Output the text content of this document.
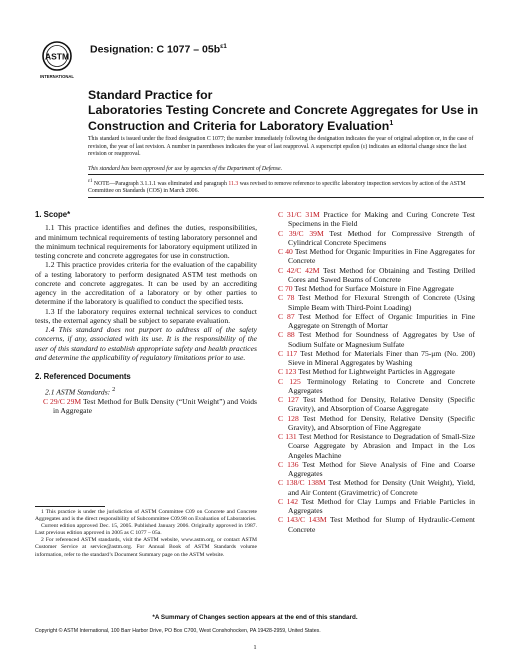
ASTM
INTERNATIONAL
Designation: C $1077 - 05b^{\varepsilon 1}$
Standard Practice for
Laboratories Testing Concrete and Concrete Aggregates for Use in Construction and Criteria for Laboratory Evaluation$^1$
This standard is issued under the fixed designation C 1077; the number immediately following the designation indicates the year of original adoption or, in the case of revision, the year of last revision. A number in parentheses indicates the year of last reapproval. A superscript epsilon (ε) indicates an editorial change since the last revision or reapproval.
This standard has been approved for use by agencies of the Department of Defense.
$^{\varepsilon 1}$ NOTE—Paragraph 3.1.1.1 was eliminated and paragraph 11.3 was revised to remove reference to specific laboratory inspection services by action of the ASTM Committee on Standards (COS) in March 2006.
1. Scope*

1.1 This practice identifies and defines the duties, responsibilities, and minimum technical requirements of testing laboratory personnel and the minimum technical requirements for laboratory equipment utilized in testing concrete and concrete aggregates for use in construction.

1.2 This practice provides criteria for the evaluation of the capability of a testing laboratory to perform designated ASTM test methods on concrete and concrete aggregates. It can be used by an accrediting agency in the accreditation of a laboratory or by other parties to determine if the laboratory is qualified to conduct the specified tests.

1.3 If the laboratory requires external technical services to conduct tests, the external agency shall be subject to separate evaluation.

1.4 This standard does not purport to address all of the safety concerns, if any, associated with its use. It is the responsibility of the user of this standard to establish appropriate safety and health practices and determine the applicability of regulatory limitations prior to use.

2. Referenced Documents

2.1 ASTM Standards: $^2$

C 29/C 29M Test Method for Bulk Density (“Unit Weight”) and Voids in Aggregate
C 31/C 31M Practice for Making and Curing Concrete Test Specimens in the Field
C 39/C 39M Test Method for Compressive Strength of Cylindrical Concrete Specimens
C 40 Test Method for Organic Impurities in Fine Aggregates for Concrete
C 42/C 42M Test Method for Obtaining and Testing Drilled Cores and Sawed Beams of Concrete
C 70 Test Method for Surface Moisture in Fine Aggregate
C 78 Test Method for Flexural Strength of Concrete (Using Simple Beam with Third-Point Loading)
C 87 Test Method for Effect of Organic Impurities in Fine Aggregate on Strength of Mortar
C 88 Test Method for Soundness of Aggregates by Use of Sodium Sulfate or Magnesium Sulfate
C 117 Test Method for Materials Finer than 75-μm (No. 200) Sieve in Mineral Aggregates by Washing
C 123 Test Method for Lightweight Particles in Aggregate
C 125 Terminology Relating to Concrete and Concrete Aggregates
C 127 Test Method for Density, Relative Density (Specific Gravity), and Absorption of Coarse Aggregate
C 128 Test Method for Density, Relative Density (Specific Gravity), and Absorption of Fine Aggregate
C 131 Test Method for Resistance to Degradation of Small-Size Coarse Aggregate by Abrasion and Impact in the Los Angeles Machine
C 136 Test Method for Sieve Analysis of Fine and Coarse Aggregates
C 138/C 138M Test Method for Density (Unit Weight), Yield, and Air Content (Gravimetric) of Concrete
C 142 Test Method for Clay Lumps and Friable Particles in Aggregates
C 143/C 143M Test Method for Slump of Hydraulic-Cement Concrete

1 This practice is under the jurisdiction of ASTM Committee C09 on Concrete and Concrete Aggregates and is the direct responsibility of Subcommittee C09.98 on Evaluation of Laboratories.

Current edition approved Dec. 15, 2005. Published January 2006. Originally approved in 1987. Last previous edition approved in 2005 as C 1077 – 05a.

2 For referenced ASTM standards, visit the ASTM website, www.astm.org, or contact ASTM Customer Service at service@astm.org. For Annual Book of ASTM Standards volume information, refer to the standard’s Document Summary page on the ASTM website.

*A Summary of Changes section appears at the end of this standard.
Copyright © ASTM International, 100 Barr Harbor Drive, PO Box C700, West Conshohocken, PA 19428-2959, United States.
1
